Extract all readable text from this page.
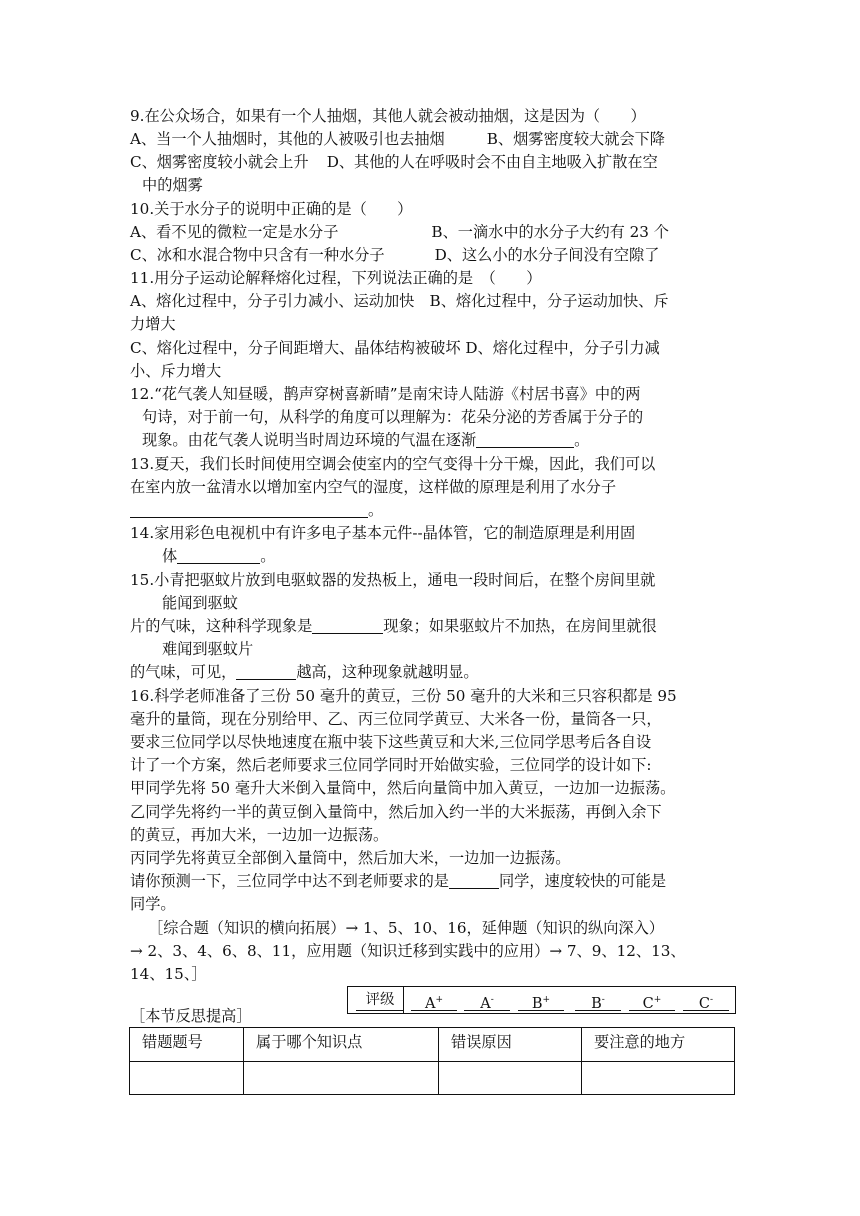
9.在公众场合，如果有一个人抽烟，其他人就会被动抽烟，这是因为（　　）
A、当一个人抽烟时，其他的人被吸引也去抽烟	B、烟雾密度较大就会下降
C、烟雾密度较小就会上升 D、其他的人在呼吸时会不由自主地吸入扩散在空
中的烟雾
10.关于水分子的说明中正确的是（　　）
A、看不见的微粒一定是水分子	B、一滴水中的水分子大约有 23 个
C、冰和水混合物中只含有一种水分子	D、这么小的水分子间没有空隙了
11.用分子运动论解释熔化过程，下列说法正确的是　（　　）
A、熔化过程中，分子引力减小、运动加快　B、熔化过程中，分子运动加快、斥
力增大
C、熔化过程中，分子间距增大、晶体结构被破坏 D、熔化过程中，分子引力减
小、斥力增大
12.“花气袭人知昼暖，鹊声穿树喜新晴”是南宋诗人陆游《村居书喜》中的两
句诗，对于前一句，从科学的角度可以理解为：花朵分泌的芳香属于分子的
现象。由花气袭人说明当时周边环境的气温在逐渐	。
13.夏天，我们长时间使用空调会使室内的空气变得十分干燥，因此，我们可以
在室内放一盆清水以增加室内空气的湿度，这样做的原理是利用了水分子
。
14.家用彩色电视机中有许多电子基本元件--晶体管，它的制造原理是利用固
体	。
15.小青把驱蚊片放到电驱蚊器的发热板上，通电一段时间后，在整个房间里就
能闻到驱蚊
片的气味，这种科学现象是	现象；如果驱蚊片不加热，在房间里就很
难闻到驱蚊片
的气味，可见，	越高，这种现象就越明显。
16.科学老师准备了三份 50 毫升的黄豆，三份 50 毫升的大米和三只容积都是 95
毫升的量筒，现在分别给甲、乙、丙三位同学黄豆、大米各一份，量筒各一只，
要求三位同学以尽快地速度在瓶中装下这些黄豆和大米,三位同学思考后各自设
计了一个方案，然后老师要求三位同学同时开始做实验，三位同学的设计如下:
甲同学先将 50 毫升大米倒入量筒中，然后向量筒中加入黄豆，一边加一边振荡。
乙同学先将约一半的黄豆倒入量筒中，然后加入约一半的大米振荡，再倒入余下
的黄豆，再加大米，一边加一边振荡。
丙同学先将黄豆全部倒入量筒中，然后加大米，一边加一边振荡。
请你预测一下，三位同学中达不到老师要求的是	同学，速度较快的可能是
同学。
［综合题（知识的横向拓展）→ 1、5、10、16，延伸题（知识的纵向深入）
→ 2、3、4、6、8、11，应用题（知识迁移到实践中的应用）→ 7、9、12、13、
14、15、］
评级	A+	A-	B+	B-	C+	C-
［本节反思提高］
错题题号	属于哪个知识点	错误原因	要注意的地方
